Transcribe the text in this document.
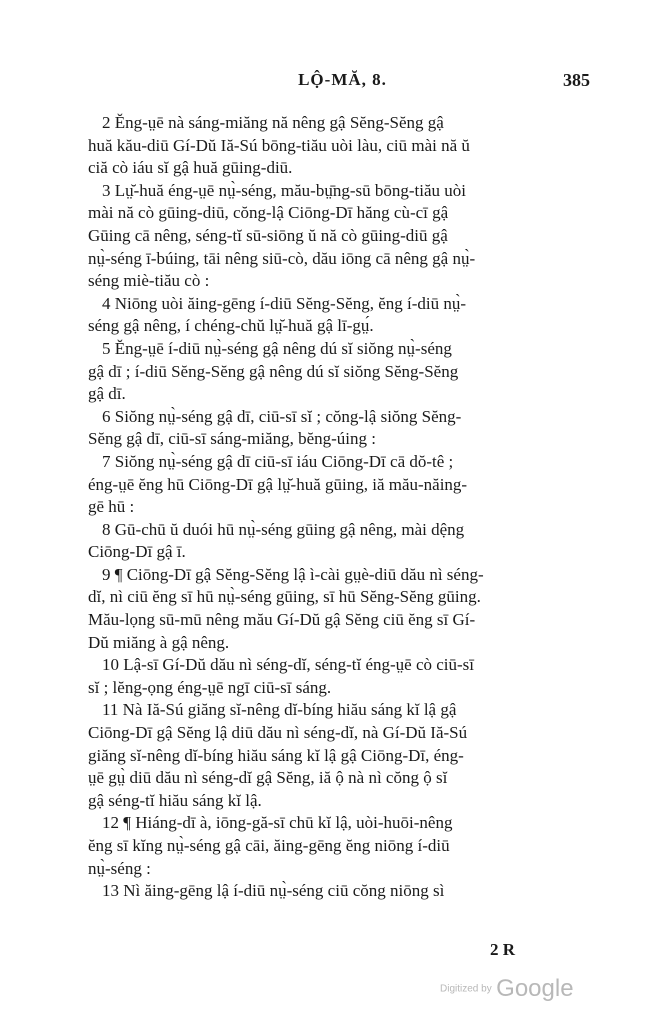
LỘ-MĂ, 8.	385
2 Ĕng-ṳē nà sáng-miăng nă nêng gậ Sĕng-Sĕng gậ
huă kău-diū Gí-Dŭ Iă-Sú bōng-tiău uòi làu, ciū mài nă ŭ
ciă cò iáu sĭ gậ huă gūing-diū.
3 Lṳ̆-huă éng-ṳē nṳ̀-séng, mău-bṳ̄ng-sū bōng-tiău uòi
mài nă cò gūing-diū, cŏng-lậ Ciōng-Dī hăng cù-cī gậ
Gūing cā nêng, séng-tĭ sū-siōng ŭ nă cò gūing-diū gậ
nṳ̀-séng ī-búing, tāi nêng siū-cò, dău iōng cā nêng gậ nṳ̀-
séng miè-tiău cò :
4 Niōng uòi ăing-gēng í-diū Sĕng-Sĕng, ĕng í-diū nṳ̀-
séng gậ nêng, í chéng-chŭ lṳ̆-huă gậ lī-gṳ́.
5 Ĕng-ṳē í-diū nṳ̀-séng gậ nêng dú sĭ siŏng nṳ̀-séng
gậ dī ; í-diū Sĕng-Sĕng gậ nêng dú sĭ siŏng Sĕng-Sĕng
gậ dī.
6 Siŏng nṳ̀-séng gậ dī, ciū-sī sĭ ; cŏng-lậ siŏng Sĕng-
Sĕng gậ dī, ciū-sī sáng-miăng, bĕng-úing :
7 Siŏng nṳ̀-séng gậ dī ciū-sī iáu Ciōng-Dī cā dŏ-tê ;
éng-ṳē ĕng hū Ciōng-Dī gậ lṳ̆-huă gūing, iă mău-năing-
gē hū :
8 Gū-chū ŭ duói hū nṳ̀-séng gūing gậ nêng, mài dệng
Ciōng-Dī gậ ī.
9 ¶ Ciōng-Dī gậ Sĕng-Sĕng lậ ì-cài gṳè-diū dău nì séng-
dĭ, nì ciū ĕng sī hū nṳ̀-séng gūing, sī hū Sĕng-Sĕng gūing.
Mău-lọng sū-mū nêng mău Gí-Dŭ gậ Sĕng ciū ĕng sī Gí-
Dŭ miăng à gậ nêng.
10 Lậ-sī Gí-Dŭ dău nì séng-dĭ, séng-tĭ éng-ṳē cò ciū-sī
sĭ ; lĕng-ọng éng-ṳē ngī ciū-sī sáng.
11 Nà Iă-Sú giăng sĭ-nêng dĭ-bíng hiău sáng kĭ lậ gậ
Ciōng-Dī gậ Sĕng lậ diū dău nì séng-dĭ, nà Gí-Dŭ Iă-Sú
giăng sĭ-nêng dĭ-bíng hiău sáng kĭ lậ gậ Ciōng-Dī, éng-
ṳē gṳ̀ diū dău nì séng-dĭ gậ Sĕng, iă ộ nà nì cŏng ộ sĭ
gậ séng-tĭ hiău sáng kĭ lậ.
12 ¶ Hiáng-dī à, iōng-gă-sī chū kĭ lậ, uòi-huōi-nêng
ĕng sī kĭng nṳ̀-séng gậ cāi, ăing-gēng ĕng niōng í-diū
nṳ̀-séng :
13 Nì ăing-gēng lậ í-diū nṳ̀-séng ciū cŏng niōng sì
2 R
Digitized by Google
